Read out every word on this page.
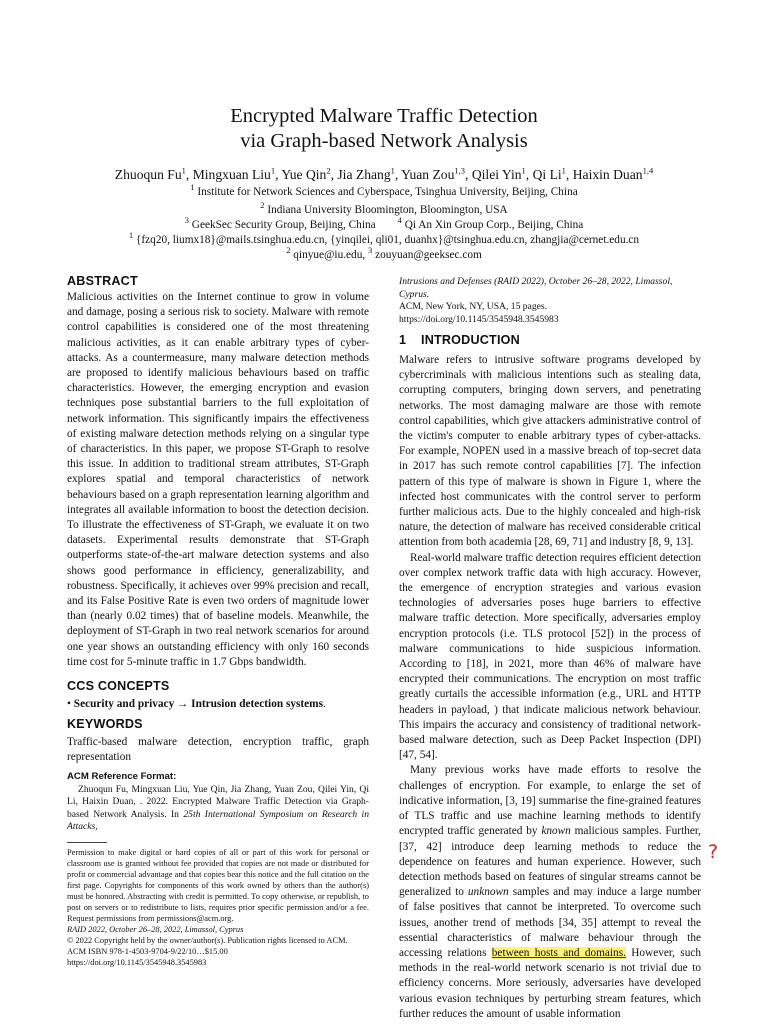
Encrypted Malware Traffic Detection
via Graph-based Network Analysis
Zhuoqun Fu$^1$, Mingxuan Liu$^1$, Yue Qin$^2$, Jia Zhang$^1$, Yuan Zou$^{1,3}$, Qilei Yin$^1$, Qi Li$^1$, Haixin Duan$^{1,4}$
$^1$ Institute for Network Sciences and Cyberspace, Tsinghua University, Beijing, China
$^2$ Indiana University Bloomington, Bloomington, USA
$^3$ GeekSec Security Group, Beijing, China	$^4$ Qi An Xin Group Corp., Beijing, China
$^1$ {fzq20, liumx18}@mails.tsinghua.edu.cn, {yinqilei, qli01, duanhx}@tsinghua.edu.cn, zhangjia@cernet.edu.cn
$^2$ qinyue@iu.edu, $^3$ zouyuan@geeksec.com
ABSTRACT

Malicious activities on the Internet continue to grow in volume and damage, posing a serious risk to society. Malware with remote control capabilities is considered one of the most threatening malicious activities, as it can enable arbitrary types of cyber-attacks. As a countermeasure, many malware detection methods are proposed to identify malicious behaviours based on traffic characteristics. However, the emerging encryption and evasion techniques pose substantial barriers to the full exploitation of network information. This significantly impairs the effectiveness of existing malware detection methods relying on a singular type of characteristics. In this paper, we propose ST-Graph to resolve this issue. In addition to traditional stream attributes, ST-Graph explores spatial and temporal characteristics of network behaviours based on a graph representation learning algorithm and integrates all available information to boost the detection decision. To illustrate the effectiveness of ST-Graph, we evaluate it on two datasets. Experimental results demonstrate that ST-Graph outperforms state-of-the-art malware detection systems and also shows good performance in efficiency, generalizability, and robustness. Specifically, it achieves over 99% precision and recall, and its False Positive Rate is even two orders of magnitude lower than (nearly 0.02 times) that of baseline models. Meanwhile, the deployment of ST-Graph in two real network scenarios for around one year shows an outstanding efficiency with only 160 seconds time cost for 5-minute traffic in 1.7 Gbps bandwidth.

CCS CONCEPTS
• Security and privacy → Intrusion detection systems.
KEYWORDS

Traffic-based malware detection, encryption traffic, graph representation

ACM Reference Format:

Zhuoqun Fu, Mingxuan Liu, Yue Qin, Jia Zhang, Yuan Zou, Qilei Yin, Qi Li, Haixin Duan, . 2022. Encrypted Malware Traffic Detection via Graph-based Network Analysis. In 25th International Symposium on Research in Attacks,

Permission to make digital or hard copies of all or part of this work for personal or classroom use is granted without fee provided that copies are not made or distributed for profit or commercial advantage and that copies bear this notice and the full citation on the first page. Copyrights for components of this work owned by others than the author(s) must be honored. Abstracting with credit is permitted. To copy otherwise, or republish, to post on servers or to redistribute to lists, requires prior specific permission and/or a fee. Request permissions from permissions@acm.org.
RAID 2022, October 26–28, 2022, Limassol, Cyprus
© 2022 Copyright held by the owner/author(s). Publication rights licensed to ACM.
ACM ISBN 978-1-4503-9704-9/22/10…$15.00
https://doi.org/10.1145/3545948.3545983
Intrusions and Defenses (RAID 2022), October 26–28, 2022, Limassol, Cyprus.
ACM, New York, NY, USA, 15 pages. https://doi.org/10.1145/3545948.3545983
1 INTRODUCTION

Malware refers to intrusive software programs developed by cybercriminals with malicious intentions such as stealing data, corrupting computers, bringing down servers, and penetrating networks. The most damaging malware are those with remote control capabilities, which give attackers administrative control of the victim's computer to enable arbitrary types of cyber-attacks. For example, NOPEN used in a massive breach of top-secret data in 2017 has such remote control capabilities [7]. The infection pattern of this type of malware is shown in Figure 1, where the infected host communicates with the control server to perform further malicious acts. Due to the highly concealed and high-risk nature, the detection of malware has received considerable critical attention from both academia [28, 69, 71] and industry [8, 9, 13].

Real-world malware traffic detection requires efficient detection over complex network traffic data with high accuracy. However, the emergence of encryption strategies and various evasion technologies of adversaries poses huge barriers to effective malware traffic detection. More specifically, adversaries employ encryption protocols (i.e. TLS protocol [52]) in the process of malware communications to hide suspicious information. According to [18], in 2021, more than 46% of malware have encrypted their communications. The encryption on most traffic greatly curtails the accessible information (e.g., URL and HTTP headers in payload, ) that indicate malicious network behaviour. This impairs the accuracy and consistency of traditional network-based malware detection, such as Deep Packet Inspection (DPI) [47, 54].

Many previous works have made efforts to resolve the challenges of encryption. For example, to enlarge the set of indicative information, [3, 19] summarise the fine-grained features of TLS traffic and use machine learning methods to identify encrypted traffic generated by known malicious samples. Further, [37, 42] introduce deep learning methods to reduce the dependence on features and human experience. However, such detection methods based on features of singular streams cannot be generalized to unknown samples and may induce a large number of false positives that cannot be interpreted. To overcome such issues, another trend of methods [34, 35] attempt to reveal the essential characteristics of malware behaviour through the accessing relations between hosts and domains. However, such methods in the real-world network scenario is not trivial due to efficiency concerns. More seriously, adversaries have developed various evasion techniques by perturbing stream features, which further reduces the amount of usable information

?
